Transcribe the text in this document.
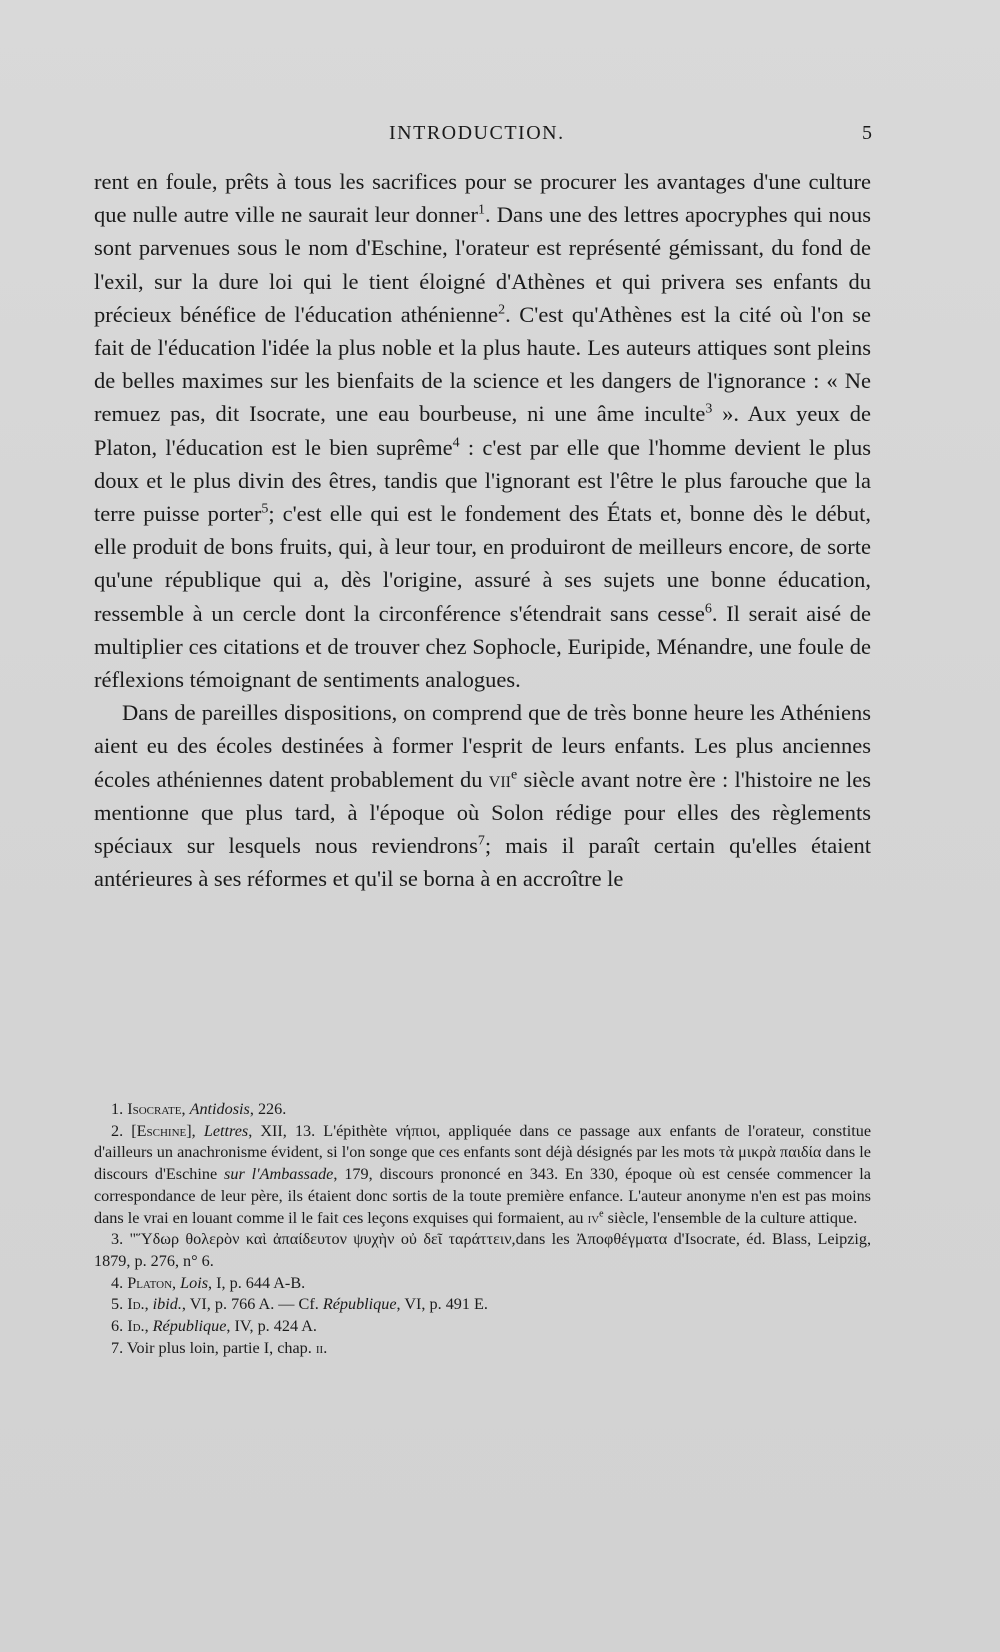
INTRODUCTION.	5

rent en foule, prêts à tous les sacrifices pour se procurer les avantages d'une culture que nulle autre ville ne saurait leur donner$^1$. Dans une des lettres apocryphes qui nous sont parvenues sous le nom d'Eschine, l'orateur est représenté gémissant, du fond de l'exil, sur la dure loi qui le tient éloigné d'Athènes et qui privera ses enfants du précieux bénéfice de l'éducation athénienne$^2$. C'est qu'Athènes est la cité où l'on se fait de l'éducation l'idée la plus noble et la plus haute. Les auteurs attiques sont pleins de belles maximes sur les bienfaits de la science et les dangers de l'ignorance : « Ne remuez pas, dit Isocrate, une eau bourbeuse, ni une âme inculte$^3$ ». Aux yeux de Platon, l'éducation est le bien suprême$^4$ : c'est par elle que l'homme devient le plus doux et le plus divin des êtres, tandis que l'ignorant est l'être le plus farouche que la terre puisse porter$^5$; c'est elle qui est le fondement des États et, bonne dès le début, elle produit de bons fruits, qui, à leur tour, en produiront de meilleurs encore, de sorte qu'une république qui a, dès l'origine, assuré à ses sujets une bonne éducation, ressemble à un cercle dont la circonférence s'étendrait sans cesse$^6$. Il serait aisé de multiplier ces citations et de trouver chez Sophocle, Euripide, Ménandre, une foule de réflexions témoignant de sentiments analogues.

Dans de pareilles dispositions, on comprend que de très bonne heure les Athéniens aient eu des écoles destinées à former l'esprit de leurs enfants. Les plus anciennes écoles athéniennes datent probablement du vii$^e$ siècle avant notre ère : l'histoire ne les mentionne que plus tard, à l'époque où Solon rédige pour elles des règlements spéciaux sur lesquels nous reviendrons$^7$; mais il paraît certain qu'elles étaient antérieures à ses réformes et qu'il se borna à en accroître le

1. Isocrate, Antidosis, 226.

2. [Eschine], Lettres, XII, 13. L'épithète νήπιοι, appliquée dans ce passage aux enfants de l'orateur, constitue d'ailleurs un anachronisme évident, si l'on songe que ces enfants sont déjà désignés par les mots τὰ μικρὰ παιδία dans le discours d'Eschine sur l'Ambassade, 179, discours prononcé en 343. En 330, époque où est censée commencer la correspondance de leur père, ils étaient donc sortis de la toute première enfance. L'auteur anonyme n'en est pas moins dans le vrai en louant comme il le fait ces leçons exquises qui formaient, au $iv^e$ siècle, l'ensemble de la culture attique.

3. "Ὕδωρ θολερὸν καὶ ἀπαίδευτον ψυχὴν οὐ δεῖ ταράττειν,dans les Ἀποφθέγματα d'Isocrate, éd. Blass, Leipzig, 1879, p. 276, n° 6.

4. Platon, Lois, I, p. 644 A-B.

5. Id., ibid., VI, p. 766 A. — Cf. République, VI, p. 491 E.

6. Id., République, IV, p. 424 A.

7. Voir plus loin, partie I, chap. ii.
